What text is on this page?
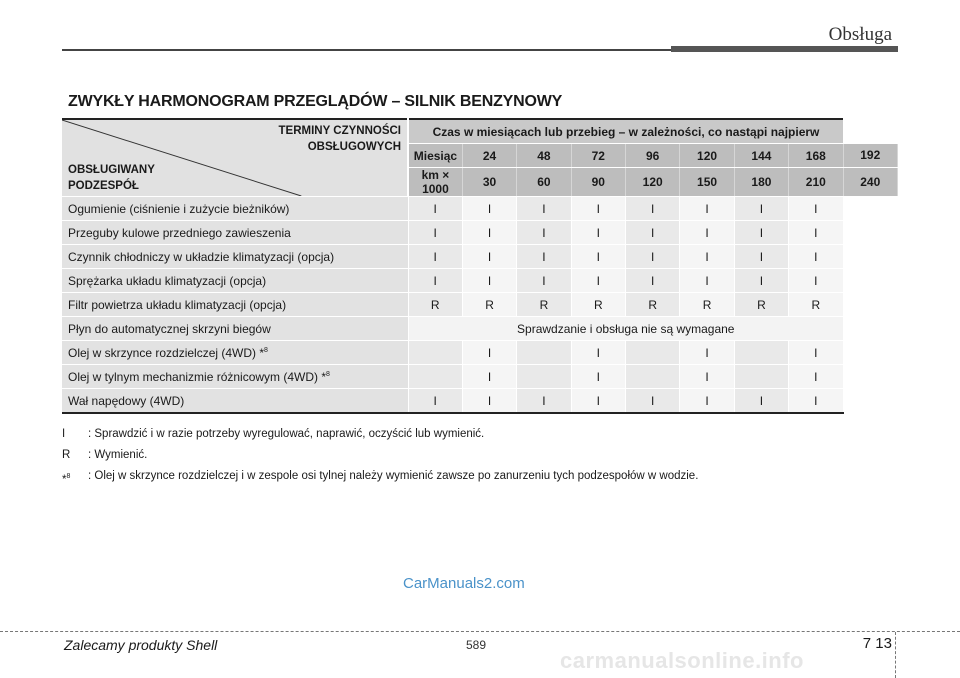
Obsługa
ZWYKŁY HARMONOGRAM PRZEGLĄDÓW – SILNIK BENZYNOWY
TERMINY CZYNNOŚCI
OBSŁUGOWYCH
OBSŁUGIWANY
PODZESPÓŁ	Czas w miesiącach lub przebieg – w zależności, co nastąpi najpierw								
	Miesiąc	24	48	72	96	120	144	168	192
	km × 1000	30	60	90	120	150	180	210	240
Ogumienie (ciśnienie i zużycie bieżników)	I	I	I	I	I	I	I	I	
Przeguby kulowe przedniego zawieszenia	I	I	I	I	I	I	I	I	
Czynnik chłodniczy w układzie klimatyzacji (opcja)	I	I	I	I	I	I	I	I	
Sprężarka układu klimatyzacji (opcja)	I	I	I	I	I	I	I	I	
Filtr powietrza układu klimatyzacji (opcja)	R	R	R	R	R	R	R	R	
Płyn do automatycznej skrzyni biegów	Sprawdzanie i obsługa nie są wymagane								
Olej w skrzynce rozdzielczej (4WD) *$^8$		I		I		I		I	
Olej w tylnym mechanizmie różnicowym (4WD) *$^8$		I		I		I		I	
Wał napędowy (4WD)	I	I	I	I	I	I	I	I	
I	: Sprawdzić i w razie potrzeby wyregulować, naprawić, oczyścić lub wymienić.
R	: Wymienić.
*$^8$	: Olej w skrzynce rozdzielczej i w zespole osi tylnej należy wymienić zawsze po zanurzeniu tych podzespołów w wodzie.
CarManuals2.com
Zalecamy produkty Shell	589	7 13
carmanualsonline.info
